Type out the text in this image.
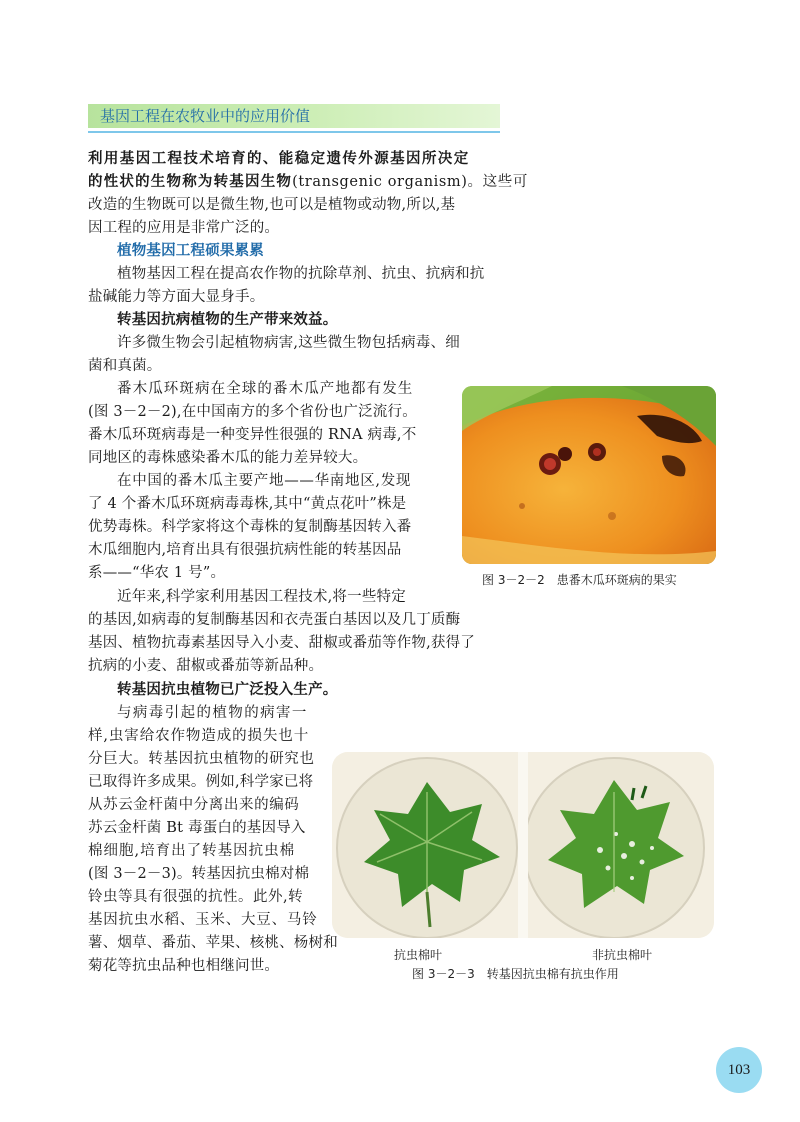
基因工程在农牧业中的应用价值
利用基因工程技术培育的、能稳定遗传外源基因所决定
的性状的生物称为转基因生物(transgenic organism)。这些可
改造的生物既可以是微生物,也可以是植物或动物,所以,基
因工程的应用是非常广泛的。
植物基因工程硕果累累
植物基因工程在提高农作物的抗除草剂、抗虫、抗病和抗
盐碱能力等方面大显身手。
转基因抗病植物的生产带来效益。
许多微生物会引起植物病害,这些微生物包括病毒、细
菌和真菌。
番木瓜环斑病在全球的番木瓜产地都有发生
(图 3－2－2),在中国南方的多个省份也广泛流行。
番木瓜环斑病毒是一种变异性很强的 RNA 病毒,不
同地区的毒株感染番木瓜的能力差异较大。
在中国的番木瓜主要产地——华南地区,发现
了 4 个番木瓜环斑病毒毒株,其中“黄点花叶”株是
优势毒株。科学家将这个毒株的复制酶基因转入番
木瓜细胞内,培育出具有很强抗病性能的转基因品
系——“华农 1 号”。
近年来,科学家利用基因工程技术,将一些特定
的基因,如病毒的复制酶基因和衣壳蛋白基因以及几丁质酶
基因、植物抗毒素基因导入小麦、甜椒或番茄等作物,获得了
抗病的小麦、甜椒或番茄等新品种。
转基因抗虫植物已广泛投入生产。
与病毒引起的植物的病害一
样,虫害给农作物造成的损失也十
分巨大。转基因抗虫植物的研究也
已取得许多成果。例如,科学家已将
从苏云金杆菌中分离出来的编码
苏云金杆菌 Bt 毒蛋白的基因导入
棉细胞,培育出了转基因抗虫棉
(图 3－2－3)。转基因抗虫棉对棉
铃虫等具有很强的抗性。此外,转
基因抗虫水稻、玉米、大豆、马铃
薯、烟草、番茄、苹果、核桃、杨树和
菊花等抗虫品种也相继问世。
图 3－2－2　患番木瓜环斑病的果实
抗虫棉叶	非抗虫棉叶
图 3－2－3　转基因抗虫棉有抗虫作用
103
